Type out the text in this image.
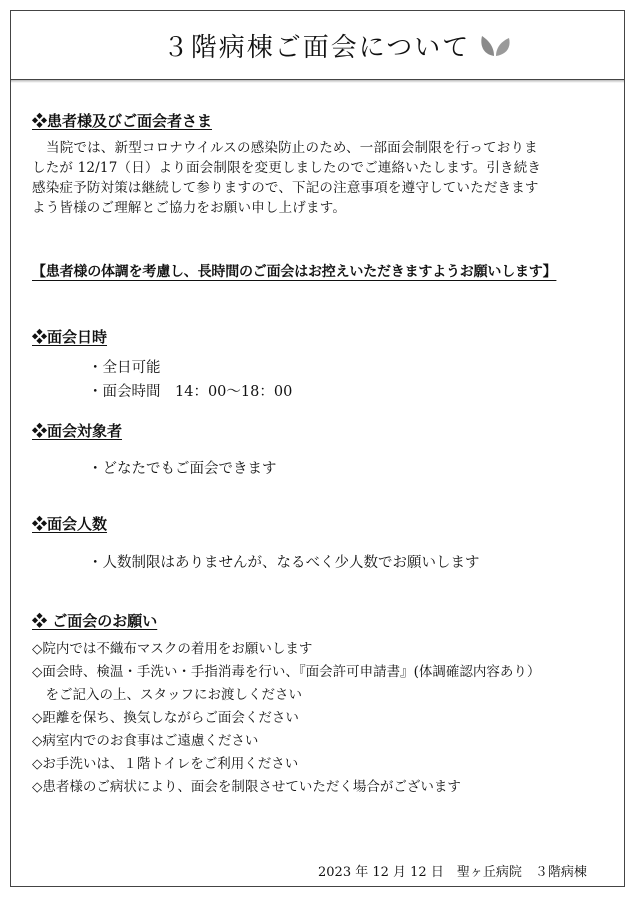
３階病棟ご面会について
❖患者様及びご面会者さま
当院では、新型コロナウイルスの感染防止のため、一部面会制限を行っておりま
したが 12/17（日）より面会制限を変更しましたのでご連絡いたします。引き続き
感染症予防対策は継続して参りますので、下記の注意事項を遵守していただきます
よう皆様のご理解とご協力をお願い申し上げます。
【患者様の体調を考慮し、長時間のご面会はお控えいただきますようお願いします】
❖面会日時
・全日可能
・面会時間　14：00〜18：00
❖面会対象者
・どなたでもご面会できます
❖面会人数
・人数制限はありませんが、なるべく少人数でお願いします
❖ ご面会のお願い
◇院内では不織布マスクの着用をお願いします
◇面会時、検温・手洗い・手指消毒を行い、『面会許可申請書』(体調確認内容あり）
　をご記入の上、スタッフにお渡しください
◇距離を保ち、換気しながらご面会ください
◇病室内でのお食事はご遠慮ください
◇お手洗いは、１階トイレをご利用ください
◇患者様のご病状により、面会を制限させていただく場合がございます
2023 年 12 月 12 日　聖ヶ丘病院　３階病棟
